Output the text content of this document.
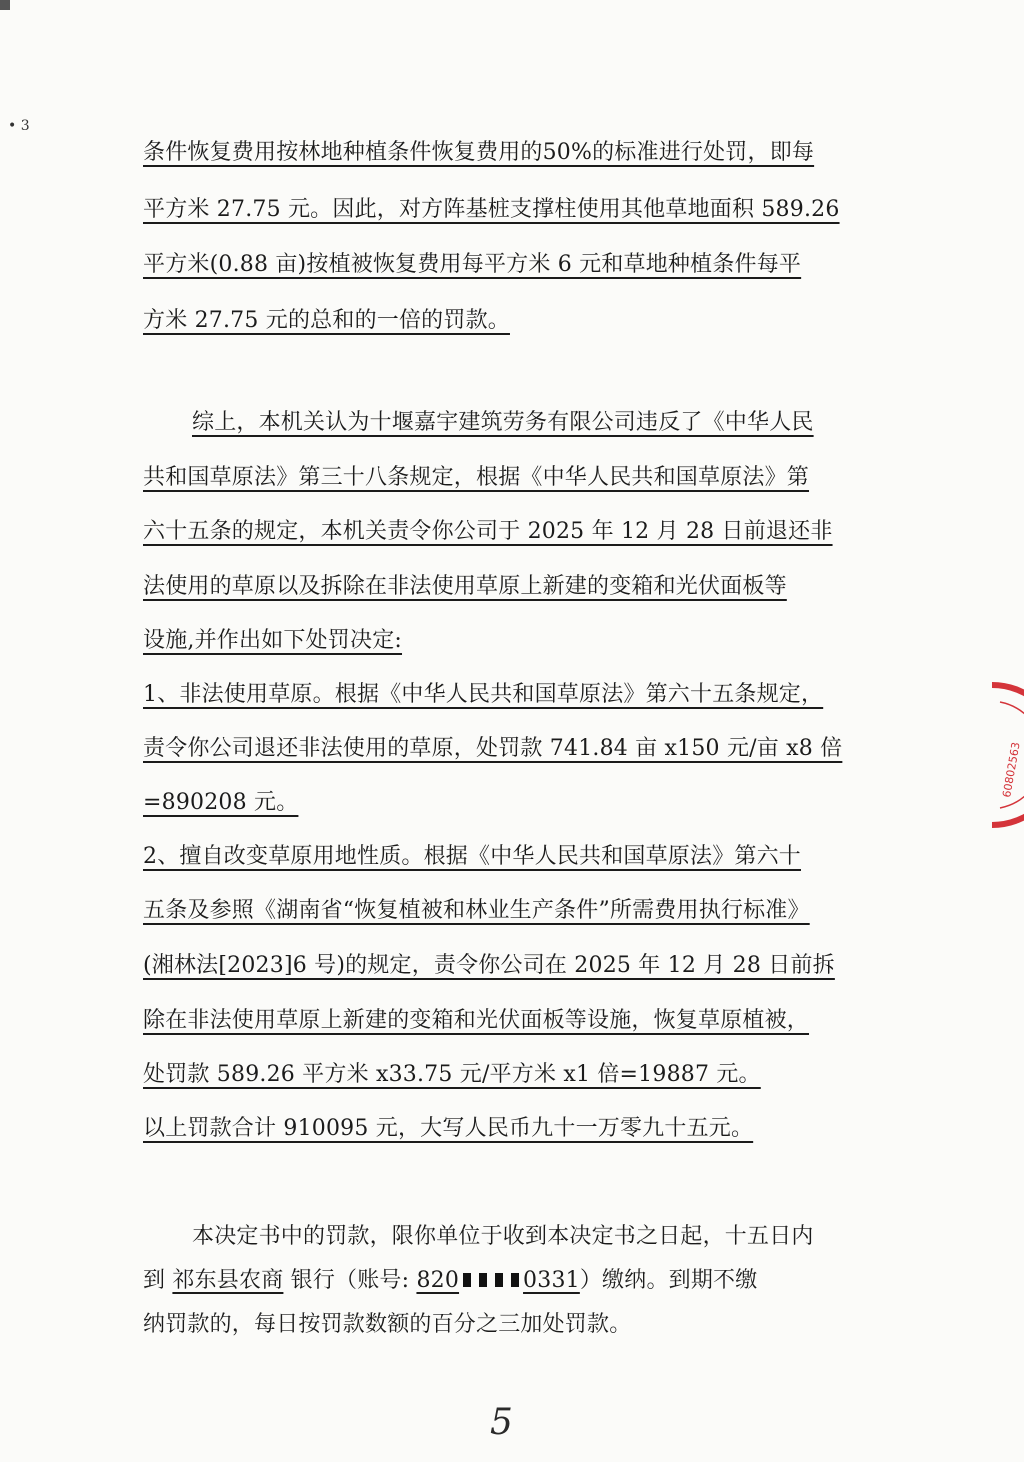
• 3
条件恢复费用按林地种植条件恢复费用的50%的标准进行处罚，即每
平方米 27.75 元。因此，对方阵基桩支撑柱使用其他草地面积 589.26
平方米(0.88 亩)按植被恢复费用每平方米 6 元和草地种植条件每平
方米 27.75 元的总和的一倍的罚款。
综上，本机关认为十堰嘉宇建筑劳务有限公司违反了《中华人民
共和国草原法》第三十八条规定，根据《中华人民共和国草原法》第
六十五条的规定，本机关责令你公司于 2025 年 12 月 28 日前退还非
法使用的草原以及拆除在非法使用草原上新建的变箱和光伏面板等
设施,并作出如下处罚决定:
1、非法使用草原。根据《中华人民共和国草原法》第六十五条规定，
责令你公司退还非法使用的草原，处罚款 741.84 亩 x150 元/亩 x8 倍
=890208 元。
2、擅自改变草原用地性质。根据《中华人民共和国草原法》第六十
五条及参照《湖南省“恢复植被和林业生产条件”所需费用执行标准》
(湘林法[2023]6 号)的规定，责令你公司在 2025 年 12 月 28 日前拆
除在非法使用草原上新建的变箱和光伏面板等设施，恢复草原植被，
处罚款 589.26 平方米 x33.75 元/平方米 x1 倍=19887 元。
以上罚款合计 910095 元，大写人民币九十一万零九十五元。
本决定书中的罚款，限你单位于收到本决定书之日起，十五日内
到 祁东县农商 银行（账号: 820	0331）缴纳。到期不缴
纳罚款的，每日按罚款数额的百分之三加处罚款。
5
60802563
